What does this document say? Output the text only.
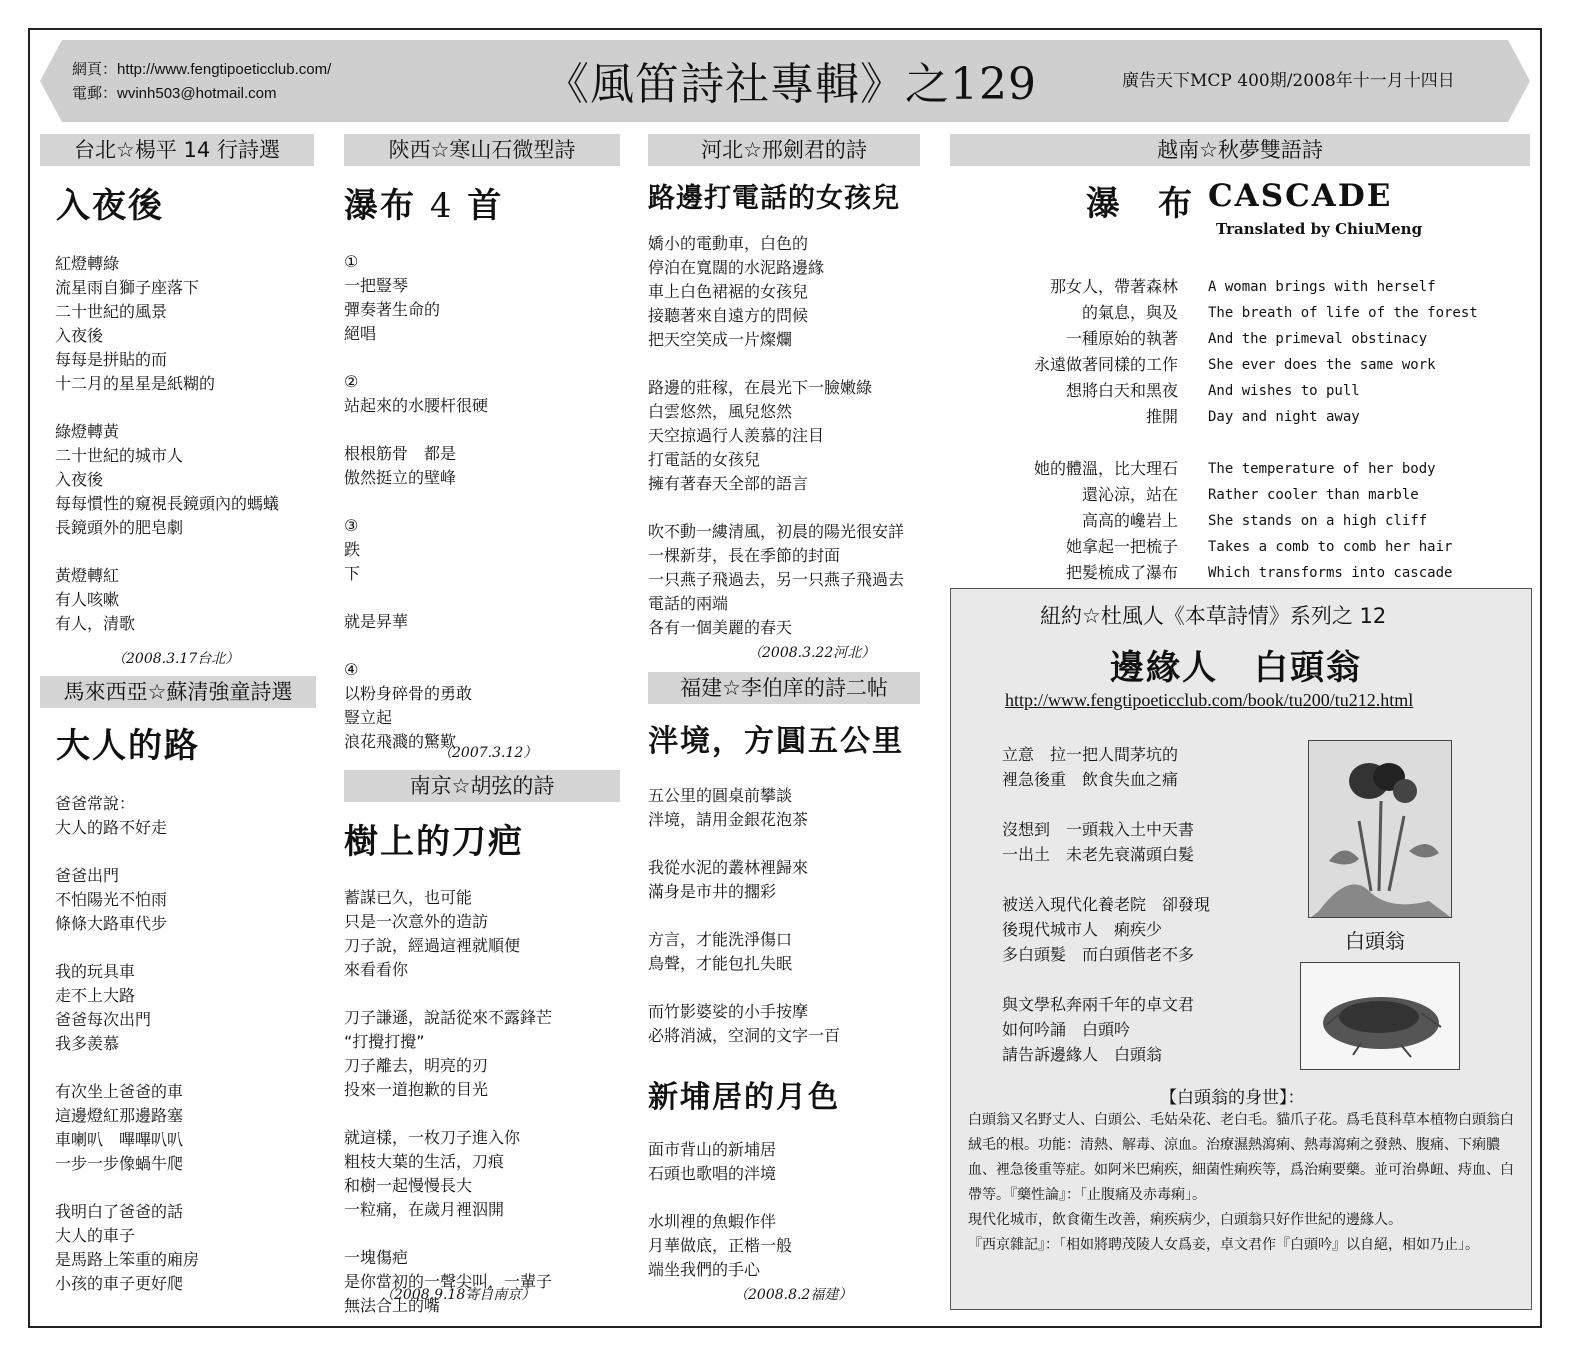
網頁：http://www.fengtipoeticclub.com/
電郵：wvinh503@hotmail.com	《風笛詩社專輯》之129	廣告天下MCP 400期/2008年十一月十四日
台北☆楊平 14 行詩選
入夜後
紅燈轉綠
流星雨自獅子座落下
二十世紀的風景
入夜後
每每是拼貼的而
十二月的星星是紙糊的
綠燈轉黃
二十世紀的城市人
入夜後
每每慣性的窺視長鏡頭內的螞蟻
長鏡頭外的肥皂劇
黃燈轉紅
有人咳嗽
有人，清歌
（2008.3.17台北）
馬來西亞☆蘇清強童詩選
大人的路
爸爸常說：
大人的路不好走
爸爸出門
不怕陽光不怕雨
條條大路車代步
我的玩具車
走不上大路
爸爸每次出門
我多羨慕
有次坐上爸爸的車
這邊燈紅那邊路塞
車喇叭　嗶嗶叭叭
一步一步像蝸牛爬
我明白了爸爸的話
大人的車子
是馬路上笨重的廂房
小孩的車子更好爬
陝西☆寒山石微型詩
瀑布 4 首
①
一把豎琴
彈奏著生命的
絕唱
②
站起來的水腰杆很硬
根根筋骨　都是
傲然挺立的壁峰
③
跌
下
就是昇華
④
以粉身碎骨的勇敢
豎立起
浪花飛濺的驚歎
（2007.3.12）
南京☆胡弦的詩
樹上的刀疤
蓄謀已久，也可能
只是一次意外的造訪
刀子說，經過這裡就順便
來看看你
刀子謙遜，說話從來不露鋒芒
“打攪打攪”
刀子離去，明亮的刃
投來一道抱歉的目光
就這樣，一枚刀子進入你
粗枝大葉的生活，刀痕
和樹一起慢慢長大
一粒痛，在歲月裡泅開
一塊傷疤
是你當初的一聲尖叫，一輩子
無法合上的嘴
（2008.9.18寄自南京）
河北☆邢劍君的詩
路邊打電話的女孩兒
嬌小的電動車，白色的
停泊在寬闊的水泥路邊緣
車上白色裙裾的女孩兒
接聽著來自遠方的問候
把天空笑成一片燦爛
路邊的莊稼，在晨光下一臉嫩綠
白雲悠然，風兒悠然
天空掠過行人羨慕的注目
打電話的女孩兒
擁有著春天全部的語言
吹不動一縷清風，初晨的陽光很安詳
一棵新芽，長在季節的封面
一只燕子飛過去，另一只燕子飛過去
電話的兩端
各有一個美麗的春天
（2008.3.22河北）
福建☆李伯庠的詩二帖
泮境，方圓五公里
五公里的圓桌前攀談
泮境，請用金銀花泡茶
我從水泥的叢林裡歸來
滿身是市井的擱彩
方言，才能洗淨傷口
鳥聲，才能包扎失眠
而竹影婆娑的小手按摩
必將消滅，空洞的文字一百
新埔居的月色
面市背山的新埔居
石頭也歌唱的泮境
水圳裡的魚蝦作伴
月華做底，正楷一般
端坐我們的手心
（2008.8.2福建）
越南☆秋夢雙語詩
瀑　布 CASCADE
Translated by ChiuMeng
那女人，帶著森林
的氣息，與及
一種原始的執著
永遠做著同樣的工作
想將白天和黑夜
推開
她的體溫，比大理石
還沁涼，站在
高高的巉岩上
她拿起一把梳子
把髮梳成了瀑布
A woman brings with herself
The breath of life of the forest
And the primeval obstinacy
She ever does the same work
And wishes to pull
Day and night away
The temperature of her body
Rather cooler than marble
She stands on a high cliff
Takes a comb to comb her hair
Which transforms into cascade
紐約☆杜風人《本草詩情》系列之 12
邊緣人　白頭翁
http://www.fengtipoeticclub.com/book/tu200/tu212.html
立意　拉一把人間茅坑的
裡急後重　飲食失血之痛
沒想到　一頭栽入土中天書
一出土　未老先衰滿頭白髮
被送入現代化養老院　卻發現
後現代城市人　痢疾少
多白頭髮　而白頭偕老不多
與文學私奔兩千年的卓文君
如何吟誦　白頭吟
請告訴邊緣人　白頭翁
白頭翁
【白頭翁的身世】：
白頭翁又名野丈人、白頭公、毛姑朵花、老白毛。貓爪子花。爲毛茛科草本植物白頭翁白絨毛的根。功能：清熱、解毒、涼血。治療濕熱瀉痢、熱毒瀉痢之發熱、腹痛、下痢膿血、裡急後重等症。如阿米巴痢疾，細菌性痢疾等，爲治痢要藥。並可治鼻衄、痔血、白帶等。『藥性論』：「止腹痛及赤毒痢」。
現代化城市，飲食衛生改善，痢疾病少，白頭翁只好作世紀的邊緣人。
『西京雜記』：「相如將聘茂陵人女爲妾，卓文君作『白頭吟』以自絕，相如乃止」。
